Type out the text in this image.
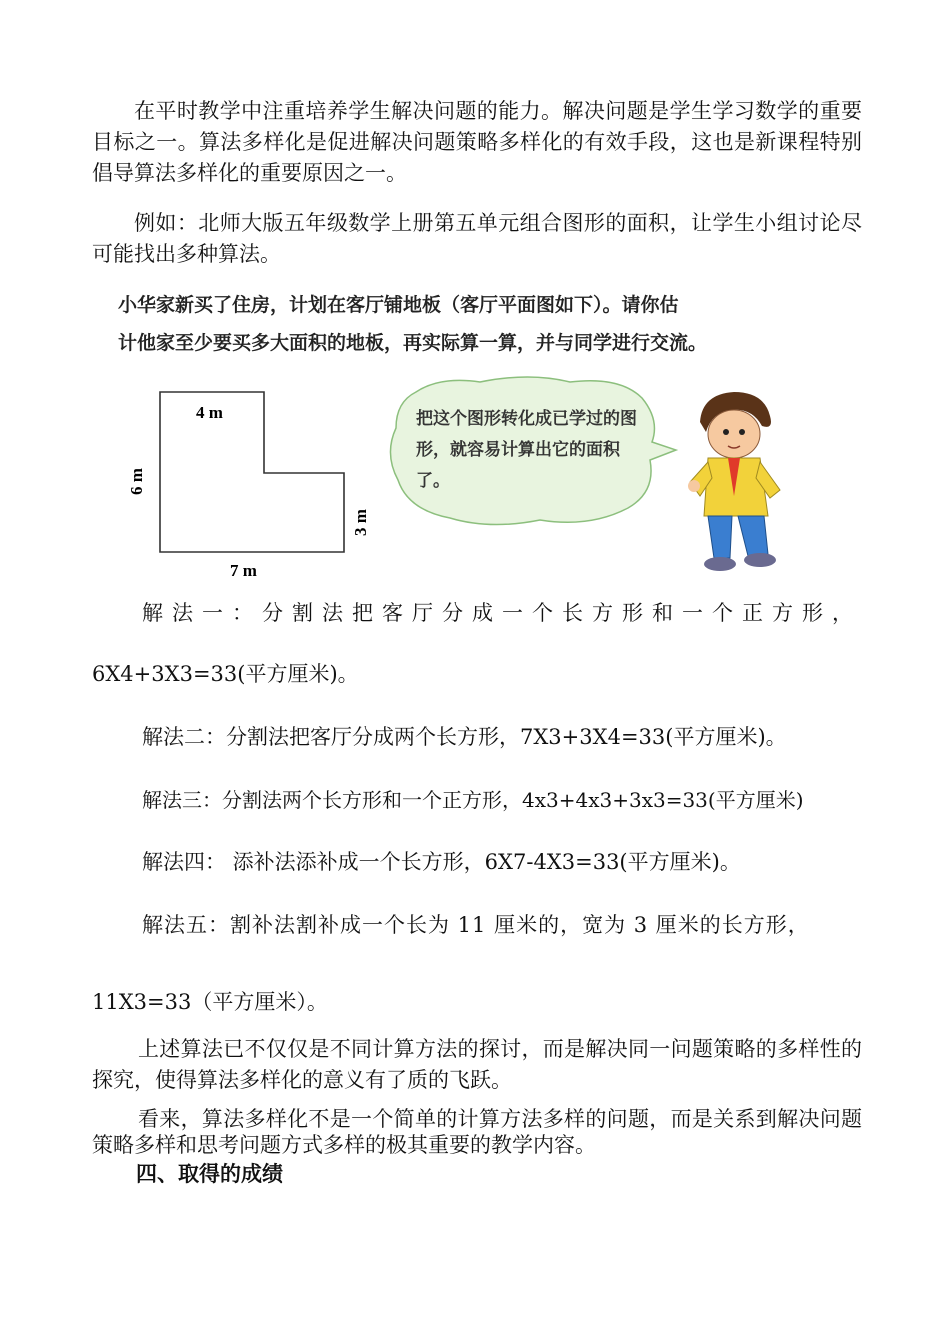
在平时教学中注重培养学生解决问题的能力。解决问题是学生学习数学的重要目标之一。算法多样化是促进解决问题策略多样化的有效手段，这也是新课程特别倡导算法多样化的重要原因之一。

例如：北师大版五年级数学上册第五单元组合图形的面积，让学生小组讨论尽可能找出多种算法。

小华家新买了住房，计划在客厅铺地板（客厅平面图如下）。请你估
计他家至少要买多大面积的地板，再实际算一算，并与同学进行交流。
4 m
7 m
6 m
3 m
把这个图形转化成已学过的图形，就容易计算出它的面积了。
解法一：分割法把客厅分成一个长方形和一个正方形，
6X4+3X3=33(平方厘米)。
解法二：分割法把客厅分成两个长方形，7X3+3X4=33(平方厘米)。
解法三：分割法两个长方形和一个正方形，4x3+4x3+3x3=33(平方厘米)
解法四： 添补法添补成一个长方形，6X7-4X3=33(平方厘米)。
解法五：割补法割补成一个长为 11 厘米的，宽为 3 厘米的长方形，
11X3=33（平方厘米）。

上述算法已不仅仅是不同计算方法的探讨，而是解决同一问题策略的多样性的探究，使得算法多样化的意义有了质的飞跃。

看来，算法多样化不是一个简单的计算方法多样的问题，而是关系到解决问题策略多样和思考问题方式多样的极其重要的教学内容。

四、取得的成绩
